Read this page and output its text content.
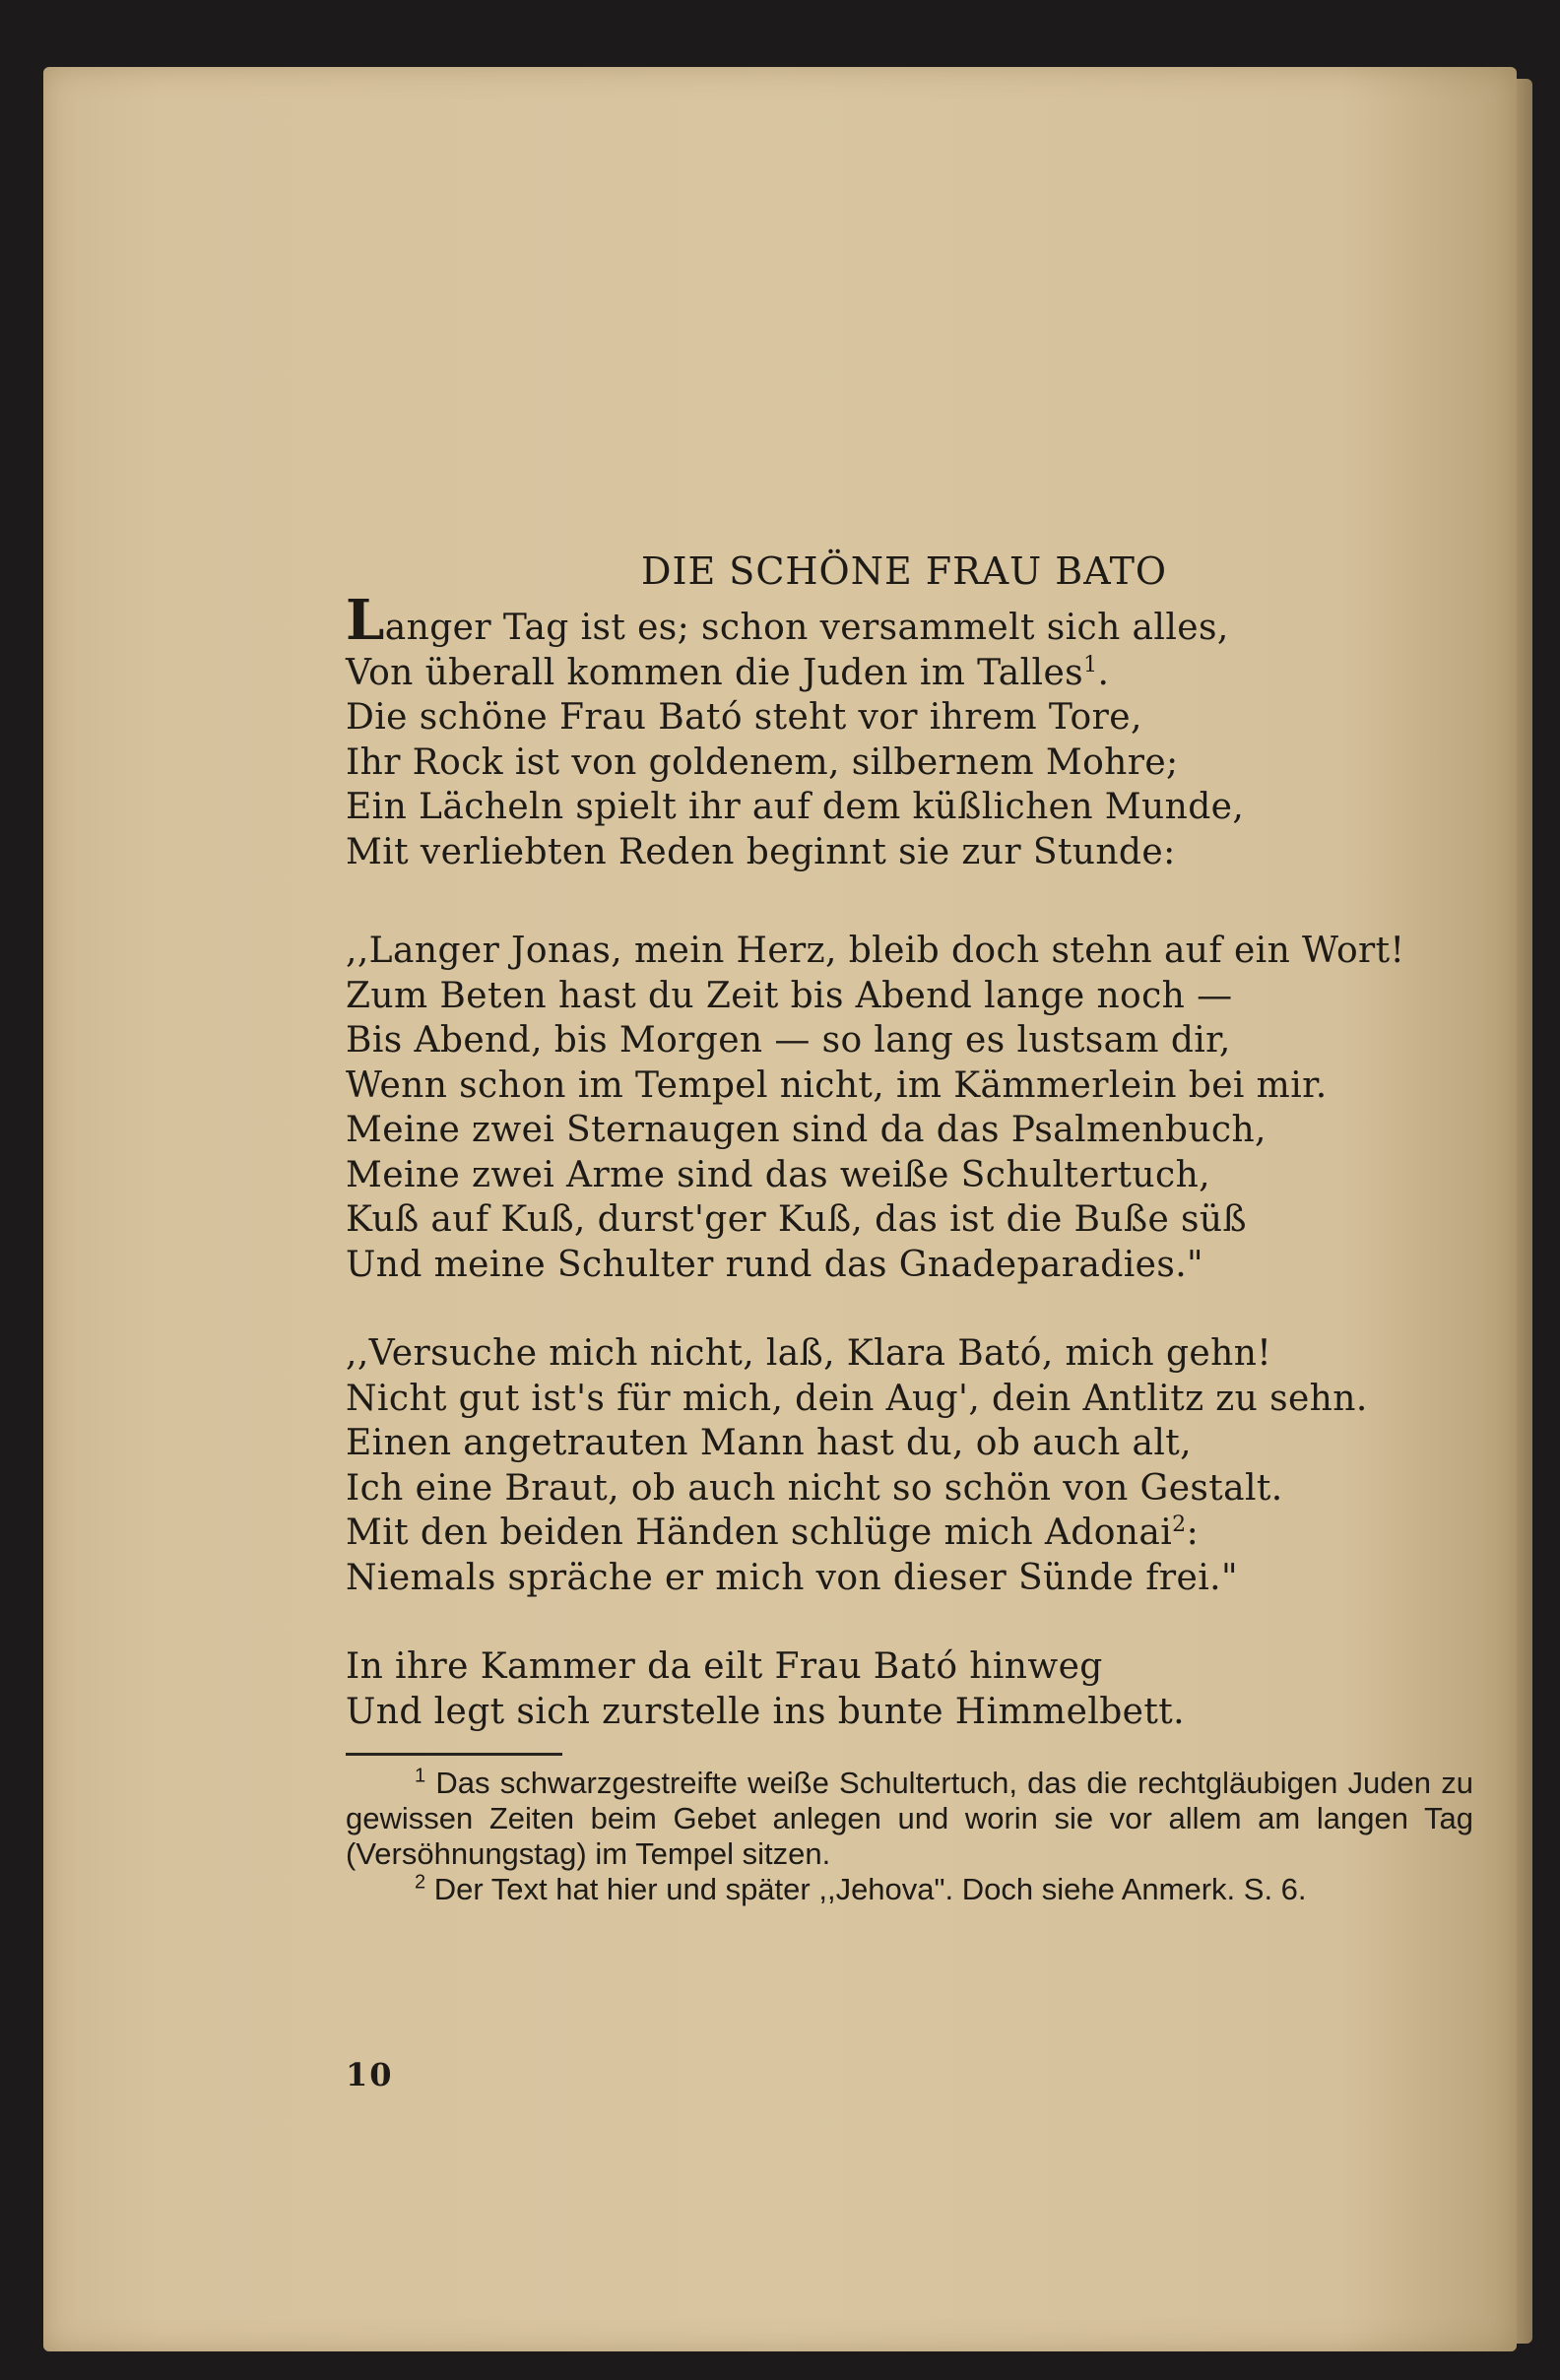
DIE SCHÖNE FRAU BATO
Langer Tag ist es; schon versammelt sich alles,
Von überall kommen die Juden im Talles$^1$.
Die schöne Frau Bató steht vor ihrem Tore,
Ihr Rock ist von goldenem, silbernem Mohre;
Ein Lächeln spielt ihr auf dem küßlichen Munde,
Mit verliebten Reden beginnt sie zur Stunde:
,,Langer Jonas, mein Herz, bleib doch stehn auf ein Wort!
Zum Beten hast du Zeit bis Abend lange noch —
Bis Abend, bis Morgen — so lang es lustsam dir,
Wenn schon im Tempel nicht, im Kämmerlein bei mir.
Meine zwei Sternaugen sind da das Psalmenbuch,
Meine zwei Arme sind das weiße Schultertuch,
Kuß auf Kuß, durst'ger Kuß, das ist die Buße süß
Und meine Schulter rund das Gnadeparadies."
,,Versuche mich nicht, laß, Klara Bató, mich gehn!
Nicht gut ist's für mich, dein Aug', dein Antlitz zu sehn.
Einen angetrauten Mann hast du, ob auch alt,
Ich eine Braut, ob auch nicht so schön von Gestalt.
Mit den beiden Händen schlüge mich Adonai$^2$:
Niemals spräche er mich von dieser Sünde frei."
In ihre Kammer da eilt Frau Bató hinweg
Und legt sich zurstelle ins bunte Himmelbett.

$^1$ Das schwarzgestreifte weiße Schultertuch, das die rechtgläubigen Juden zu gewissen Zeiten beim Gebet anlegen und worin sie vor allem am langen Tag (Versöhnungstag) im Tempel sitzen.

$^2$ Der Text hat hier und später ,,Jehova". Doch siehe Anmerk. S. 6.

10
